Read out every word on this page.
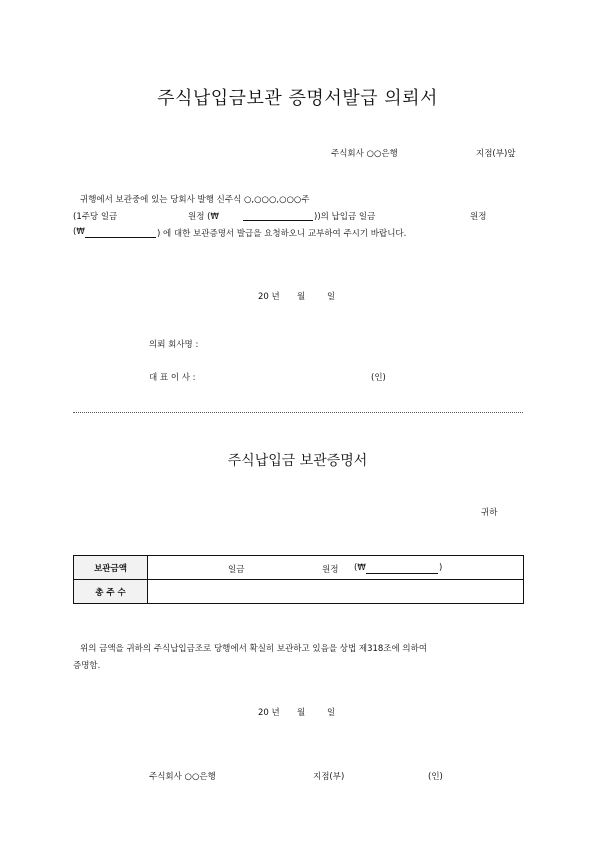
주식납입금보관 증명서발급 의뢰서
주식회사 ○○은행	지점(부)앞
귀행에서 보관중에 있는 당회사 발행 신주식 ○,○○○,○○○주
(1주당 일금	원정 (₩	))의 납입금 일금	원정
(₩	) 에 대한 보관증명서 발급을 요청하오니 교부하여 주시기 바랍니다.
20 년 월	일
의뢰 회사명 :
대 표 이 사 :	(인)
주식납입금 보관증명서
귀하
보관금액	일금 원정 (₩ )

총 주 수	
위의 금액을 귀하의 주식납입금조로 당행에서 확실히 보관하고 있음을 상법 제318조에 의하여
증명함.
20 년 월	일
주식회사 ○○은행	지점(부)	(인)
